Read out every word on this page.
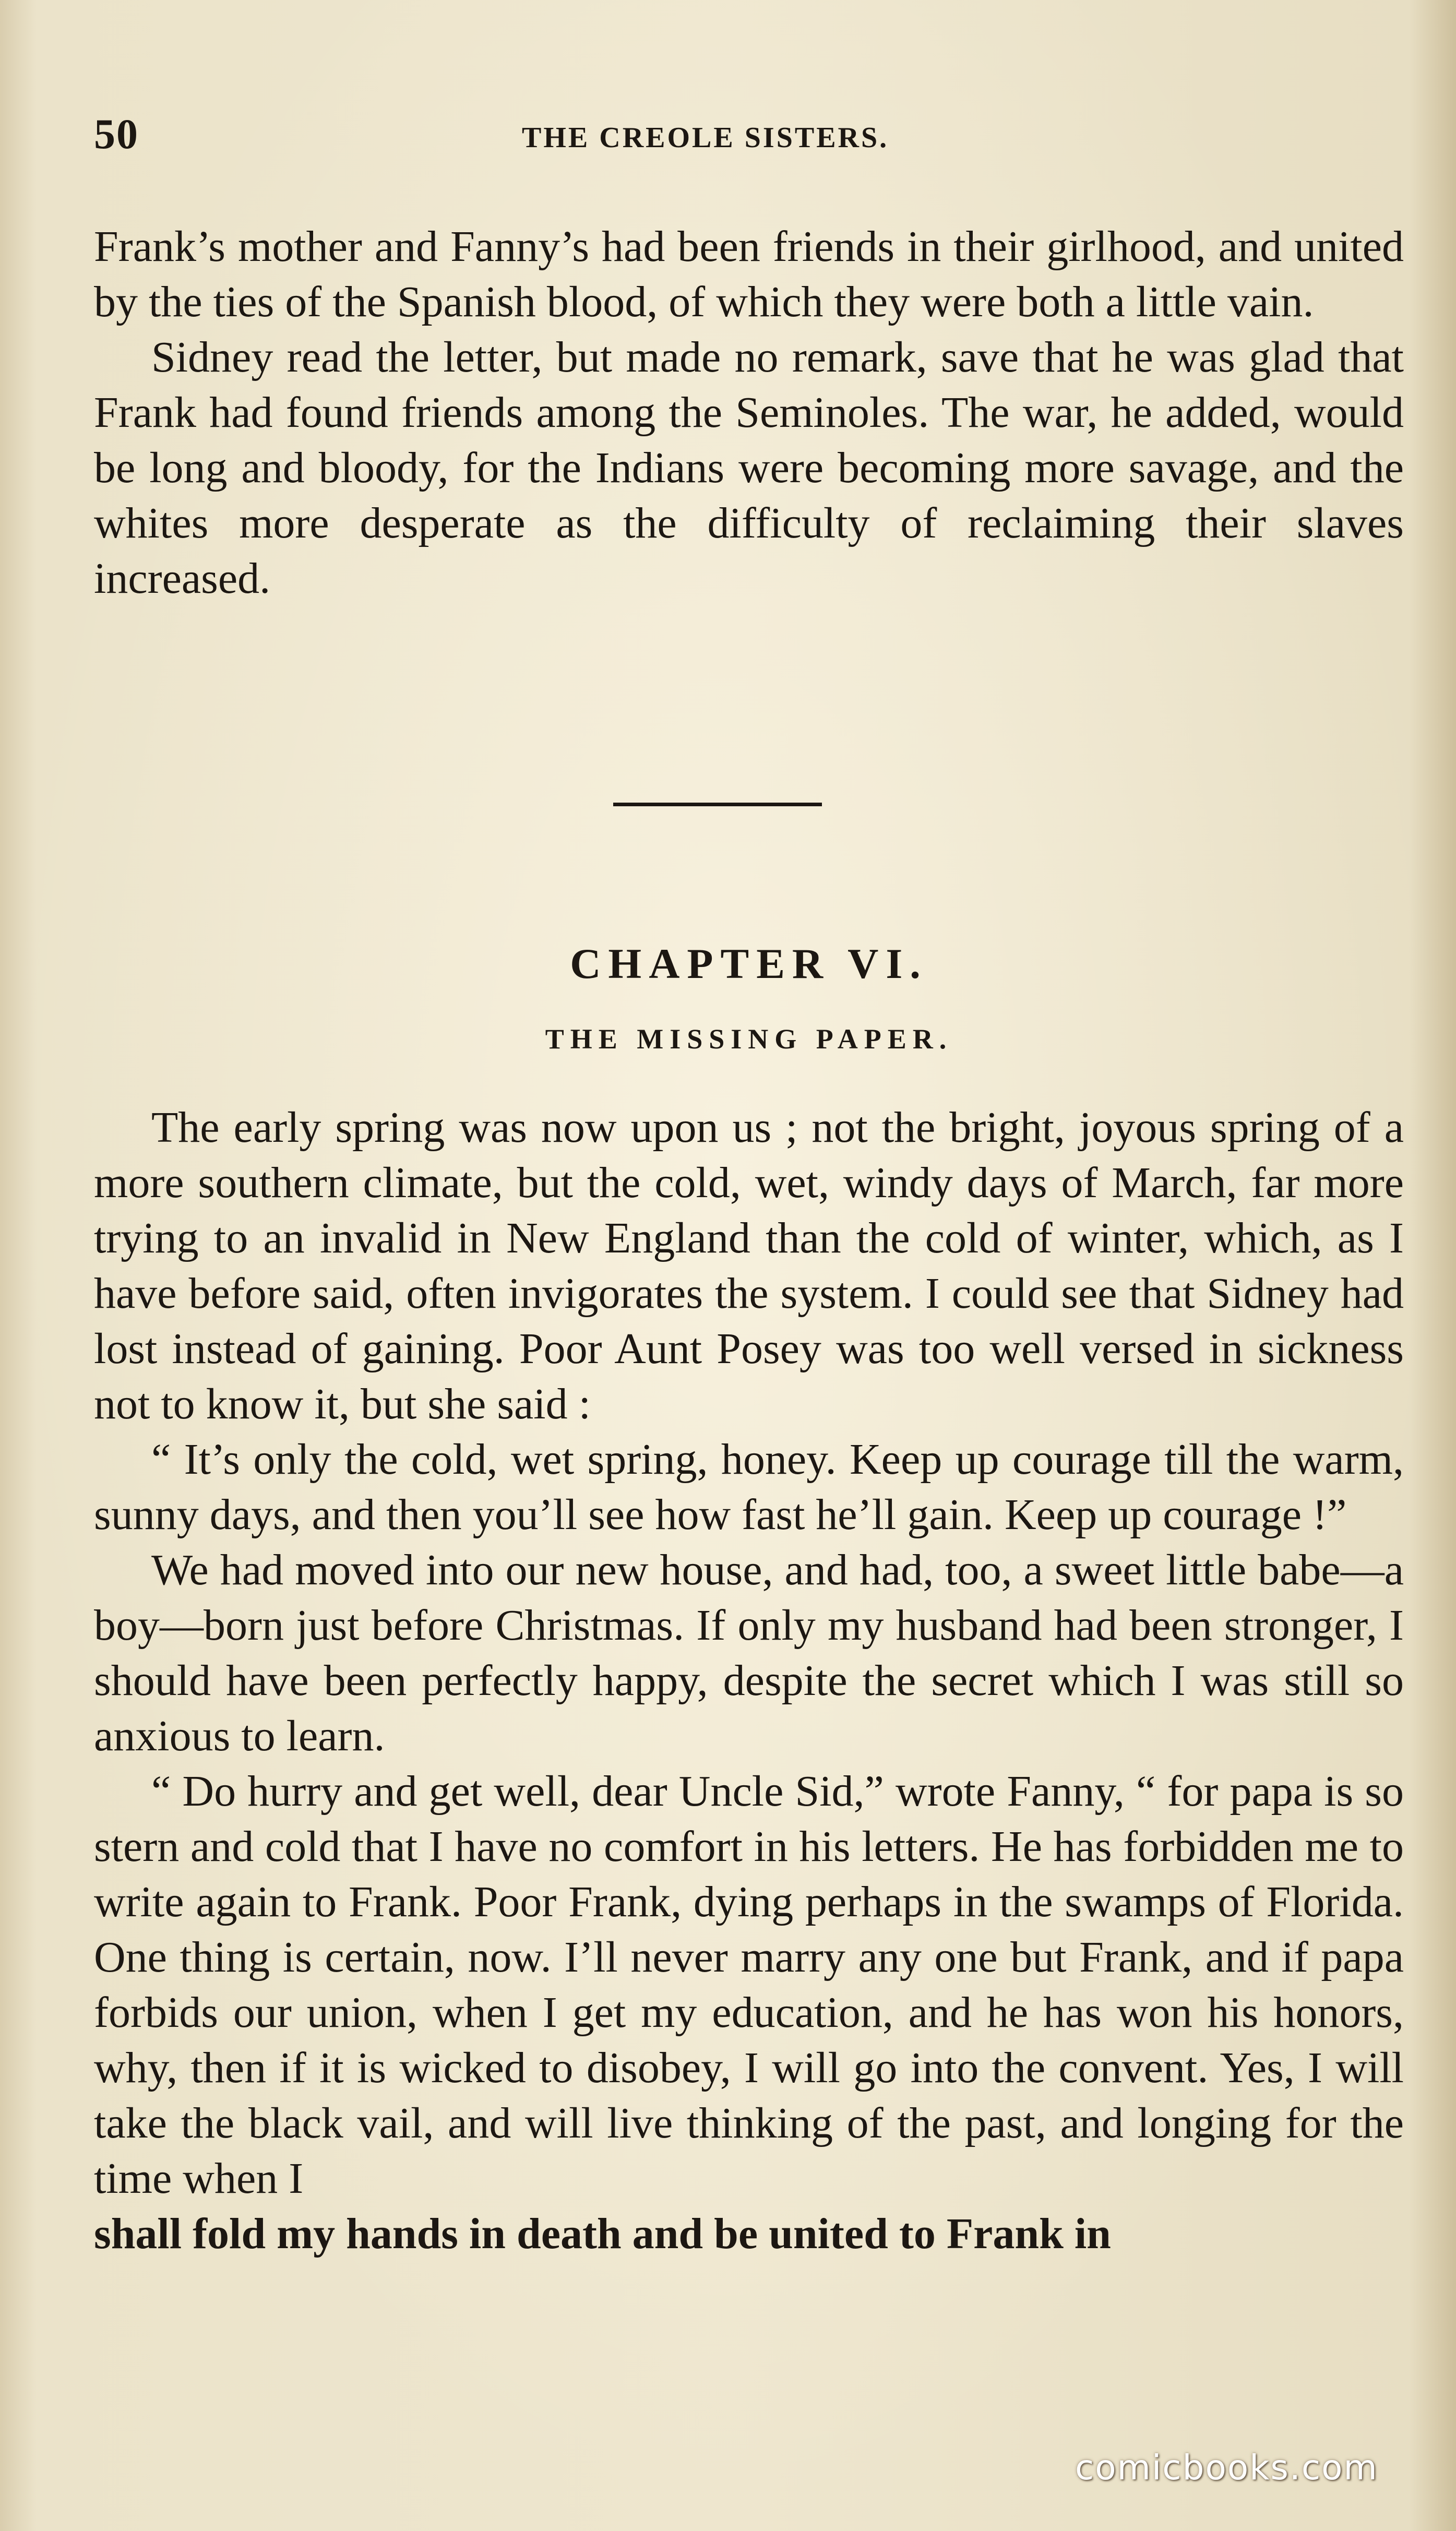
50	THE CREOLE SISTERS.

Frank’s mother and Fanny’s had been friends in their girlhood, and united by the ties of the Spanish blood, of which they were both a little vain.

Sidney read the letter, but made no remark, save that he was glad that Frank had found friends among the Seminoles. The war, he added, would be long and bloody, for the Indians were becoming more savage, and the whites more desperate as the difficulty of reclaiming their slaves increased.

CHAPTER VI.
THE MISSING PAPER.

The early spring was now upon us ; not the bright, joyous spring of a more southern climate, but the cold, wet, windy days of March, far more trying to an invalid in New England than the cold of winter, which, as I have before said, often invigorates the system. I could see that Sidney had lost instead of gaining. Poor Aunt Posey was too well versed in sickness not to know it, but she said :

“ It’s only the cold, wet spring, honey. Keep up courage till the warm, sunny days, and then you’ll see how fast he’ll gain. Keep up courage !”

We had moved into our new house, and had, too, a sweet little babe—a boy—born just before Christmas. If only my husband had been stronger, I should have been perfectly happy, despite the secret which I was still so anxious to learn.

“ Do hurry and get well, dear Uncle Sid,” wrote Fanny, “ for papa is so stern and cold that I have no comfort in his letters. He has forbidden me to write again to Frank. Poor Frank, dying perhaps in the swamps of Florida. One thing is certain, now. I’ll never marry any one but Frank, and if papa forbids our union, when I get my education, and he has won his honors, why, then if it is wicked to disobey, I will go into the convent. Yes, I will take the black vail, and will live thinking of the past, and longing for the time when I

shall fold my hands in death and be united to Frank in

comicbooks.com
